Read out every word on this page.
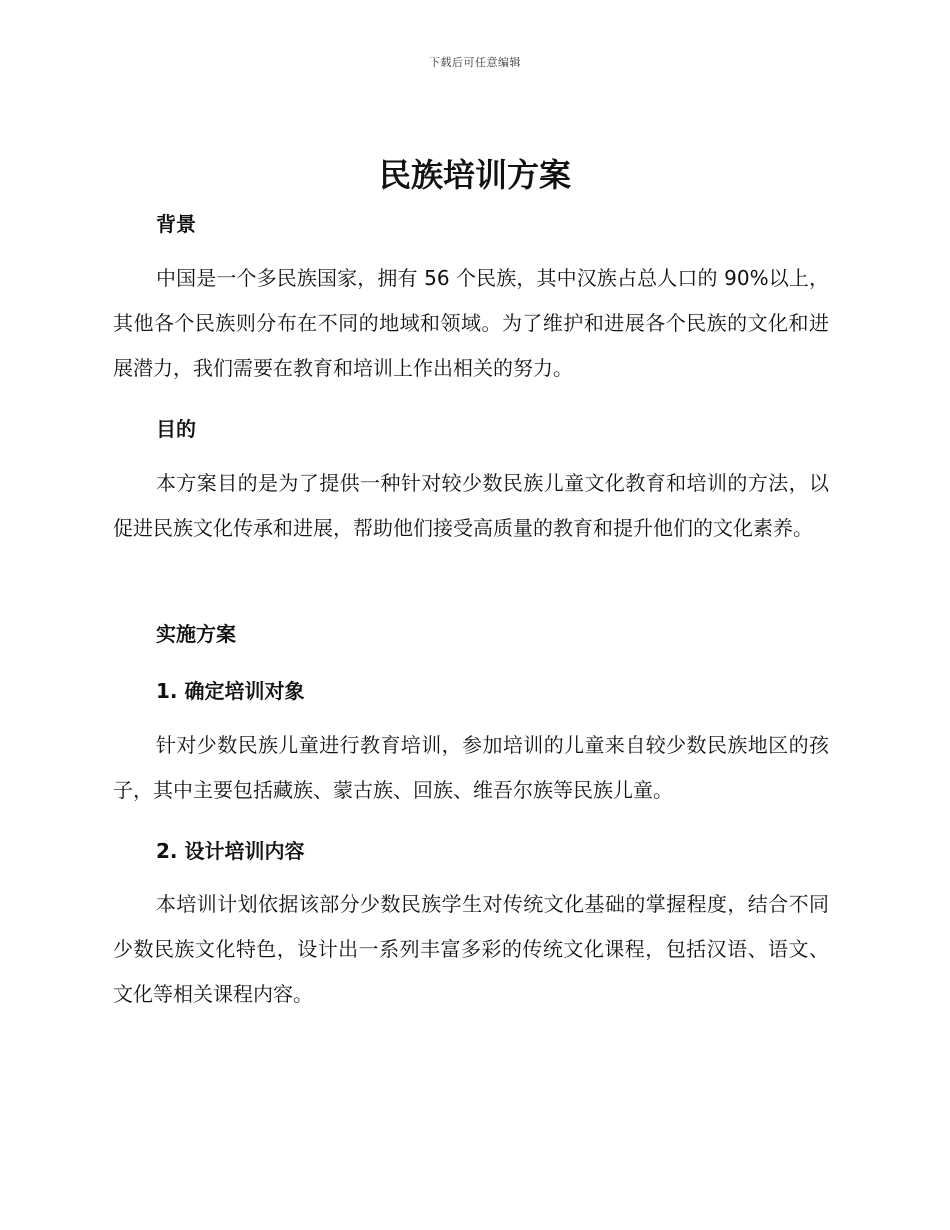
下载后可任意编辑
民族培训方案
背景

中国是一个多民族国家，拥有 56 个民族，其中汉族占总人口的 90%以上，其他各个民族则分布在不同的地域和领域。为了维护和进展各个民族的文化和进展潜力，我们需要在教育和培训上作出相关的努力。

目的

本方案目的是为了提供一种针对较少数民族儿童文化教育和培训的方法，以促进民族文化传承和进展，帮助他们接受高质量的教育和提升他们的文化素养。

实施方案
1. 确定培训对象

针对少数民族儿童进行教育培训，参加培训的儿童来自较少数民族地区的孩子，其中主要包括藏族、蒙古族、回族、维吾尔族等民族儿童。

2. 设计培训内容

本培训计划依据该部分少数民族学生对传统文化基础的掌握程度，结合不同少数民族文化特色，设计出一系列丰富多彩的传统文化课程，包括汉语、语文、文化等相关课程内容。
